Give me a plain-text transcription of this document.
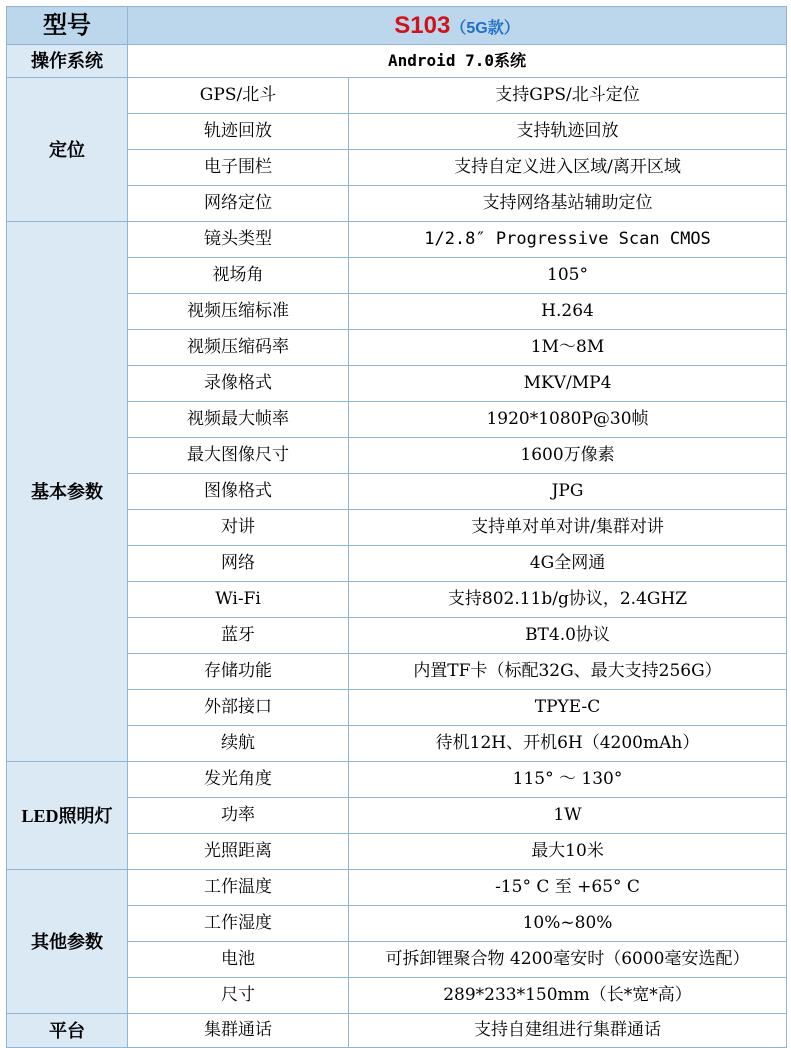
型号	S103（5G款）	
操作系统	Android 7.0系统	
定位	GPS/北斗	支持GPS/北斗定位
	轨迹回放	支持轨迹回放
	电子围栏	支持自定义进入区域/离开区域
	网络定位	支持网络基站辅助定位
基本参数	镜头类型	1/2.8″ Progressive Scan CMOS
	视场角	105°
	视频压缩标准	H.264
	视频压缩码率	1M～8M
	录像格式	MKV/MP4
	视频最大帧率	1920*1080P@30帧
	最大图像尺寸	1600万像素
	图像格式	JPG
	对讲	支持单对单对讲/集群对讲
	网络	4G全网通
	Wi-Fi	支持802.11b/g协议，2.4GHZ
	蓝牙	BT4.0协议
	存储功能	内置TF卡（标配32G、最大支持256G）
	外部接口	TPYE-C
	续航	待机12H、开机6H（4200mAh）
LED照明灯	发光角度	115° ～ 130°
	功率	1W
	光照距离	最大10米
其他参数	工作温度	-15° C 至 +65° C
	工作湿度	10%~80%
	电池	可拆卸锂聚合物 4200毫安时（6000毫安选配）
	尺寸	289*233*150mm（长*宽*高）
平台	集群通话	支持自建组进行集群通话
